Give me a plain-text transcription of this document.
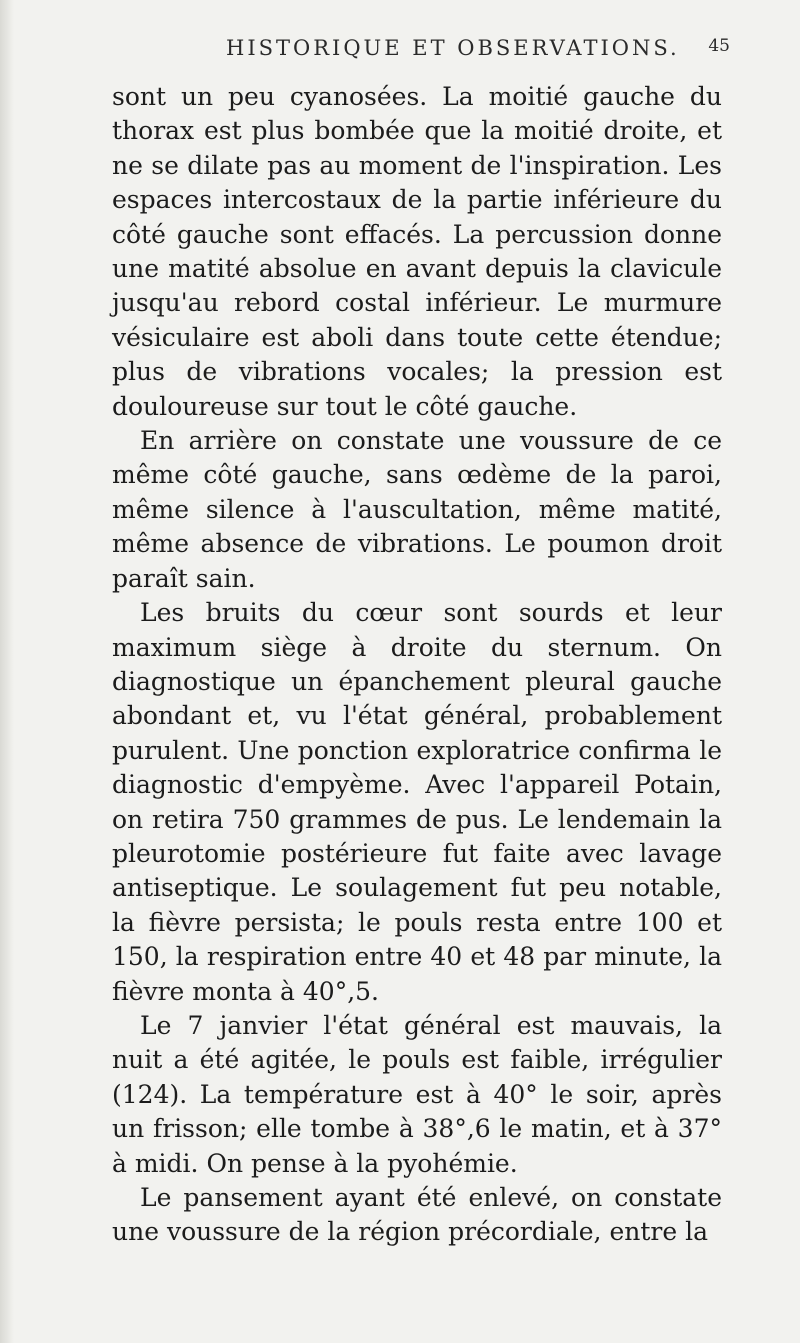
HISTORIQUE ET OBSERVATIONS. 45

sont un peu cyanosées. La moitié gauche du thorax est plus bombée que la moitié droite, et ne se dilate pas au moment de l'inspiration. Les espaces intercostaux de la partie inférieure du côté gauche sont effacés. La percussion donne une matité absolue en avant depuis la clavicule jusqu'au rebord costal inférieur. Le murmure vésiculaire est aboli dans toute cette étendue; plus de vibrations vocales; la pression est douloureuse sur tout le côté gauche.

En arrière on constate une voussure de ce même côté gauche, sans œdème de la paroi, même silence à l'auscultation, même matité, même absence de vibrations. Le poumon droit paraît sain.

Les bruits du cœur sont sourds et leur maximum siège à droite du sternum. On diagnostique un épanchement pleural gauche abondant et, vu l'état général, probablement purulent. Une ponction exploratrice confirma le diagnostic d'empyème. Avec l'appareil Potain, on retira 750 grammes de pus. Le lendemain la pleurotomie postérieure fut faite avec lavage antiseptique. Le soulagement fut peu notable, la fièvre persista; le pouls resta entre 100 et 150, la respiration entre 40 et 48 par minute, la fièvre monta à 40°,5.

Le 7 janvier l'état général est mauvais, la nuit a été agitée, le pouls est faible, irrégulier (124). La température est à 40° le soir, après un frisson; elle tombe à 38°,6 le matin, et à 37° à midi. On pense à la pyohémie.

Le pansement ayant été enlevé, on constate une voussure de la région précordiale, entre la
